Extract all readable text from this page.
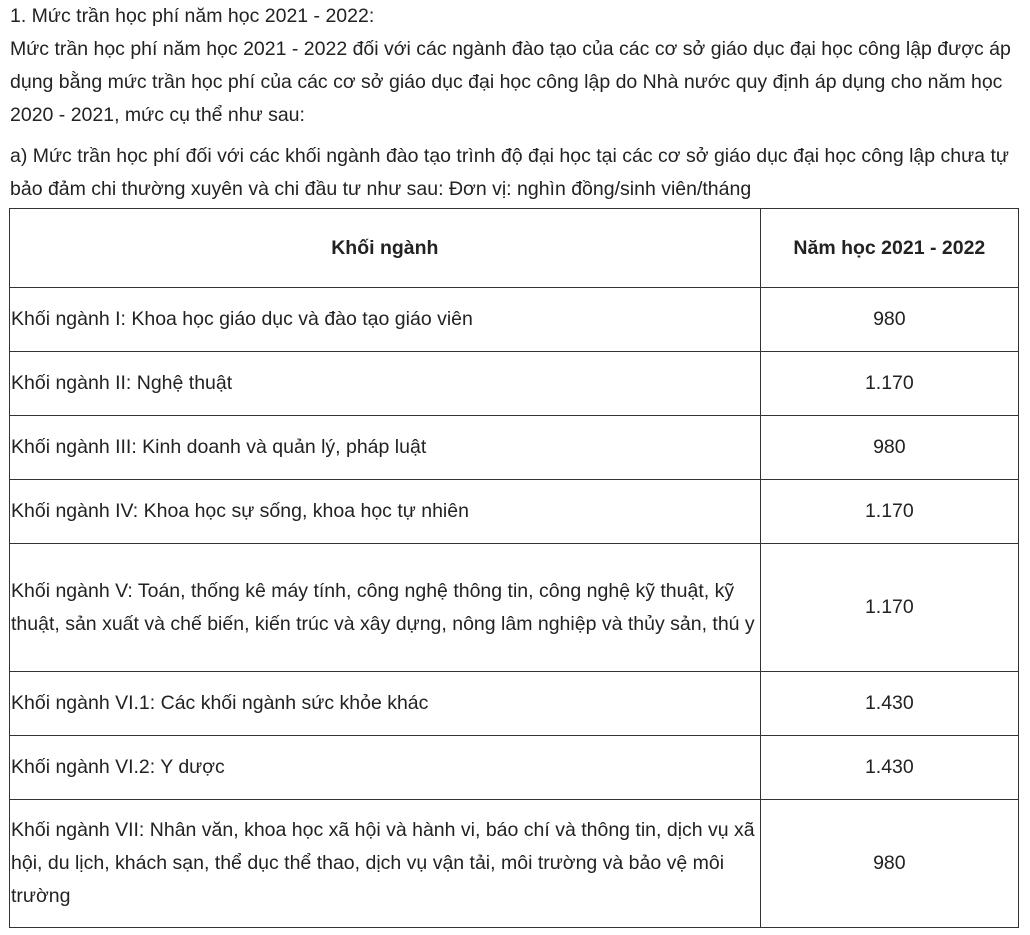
1. Mức trần học phí năm học 2021 - 2022:

Mức trần học phí năm học 2021 - 2022 đối với các ngành đào tạo của các cơ sở giáo dục đại học công lập được áp dụng bằng mức trần học phí của các cơ sở giáo dục đại học công lập do Nhà nước quy định áp dụng cho năm học 2020 - 2021, mức cụ thể như sau:

a) Mức trần học phí đối với các khối ngành đào tạo trình độ đại học tại các cơ sở giáo dục đại học công lập chưa tự bảo đảm chi thường xuyên và chi đầu tư như sau: Đơn vị: nghìn đồng/sinh viên/tháng

Khối ngành	Năm học 2021 - 2022
Khối ngành I: Khoa học giáo dục và đào tạo giáo viên	980
Khối ngành II: Nghệ thuật	1.170
Khối ngành III: Kinh doanh và quản lý, pháp luật	980
Khối ngành IV: Khoa học sự sống, khoa học tự nhiên	1.170
Khối ngành V: Toán, thống kê máy tính, công nghệ thông tin, công nghệ kỹ thuật, kỹ thuật, sản xuất và chế biến, kiến trúc và xây dựng, nông lâm nghiệp và thủy sản, thú y	1.170
Khối ngành VI.1: Các khối ngành sức khỏe khác	1.430
Khối ngành VI.2: Y dược	1.430
Khối ngành VII: Nhân văn, khoa học xã hội và hành vi, báo chí và thông tin, dịch vụ xã hội, du lịch, khách sạn, thể dục thể thao, dịch vụ vận tải, môi trường và bảo vệ môi trường	980
